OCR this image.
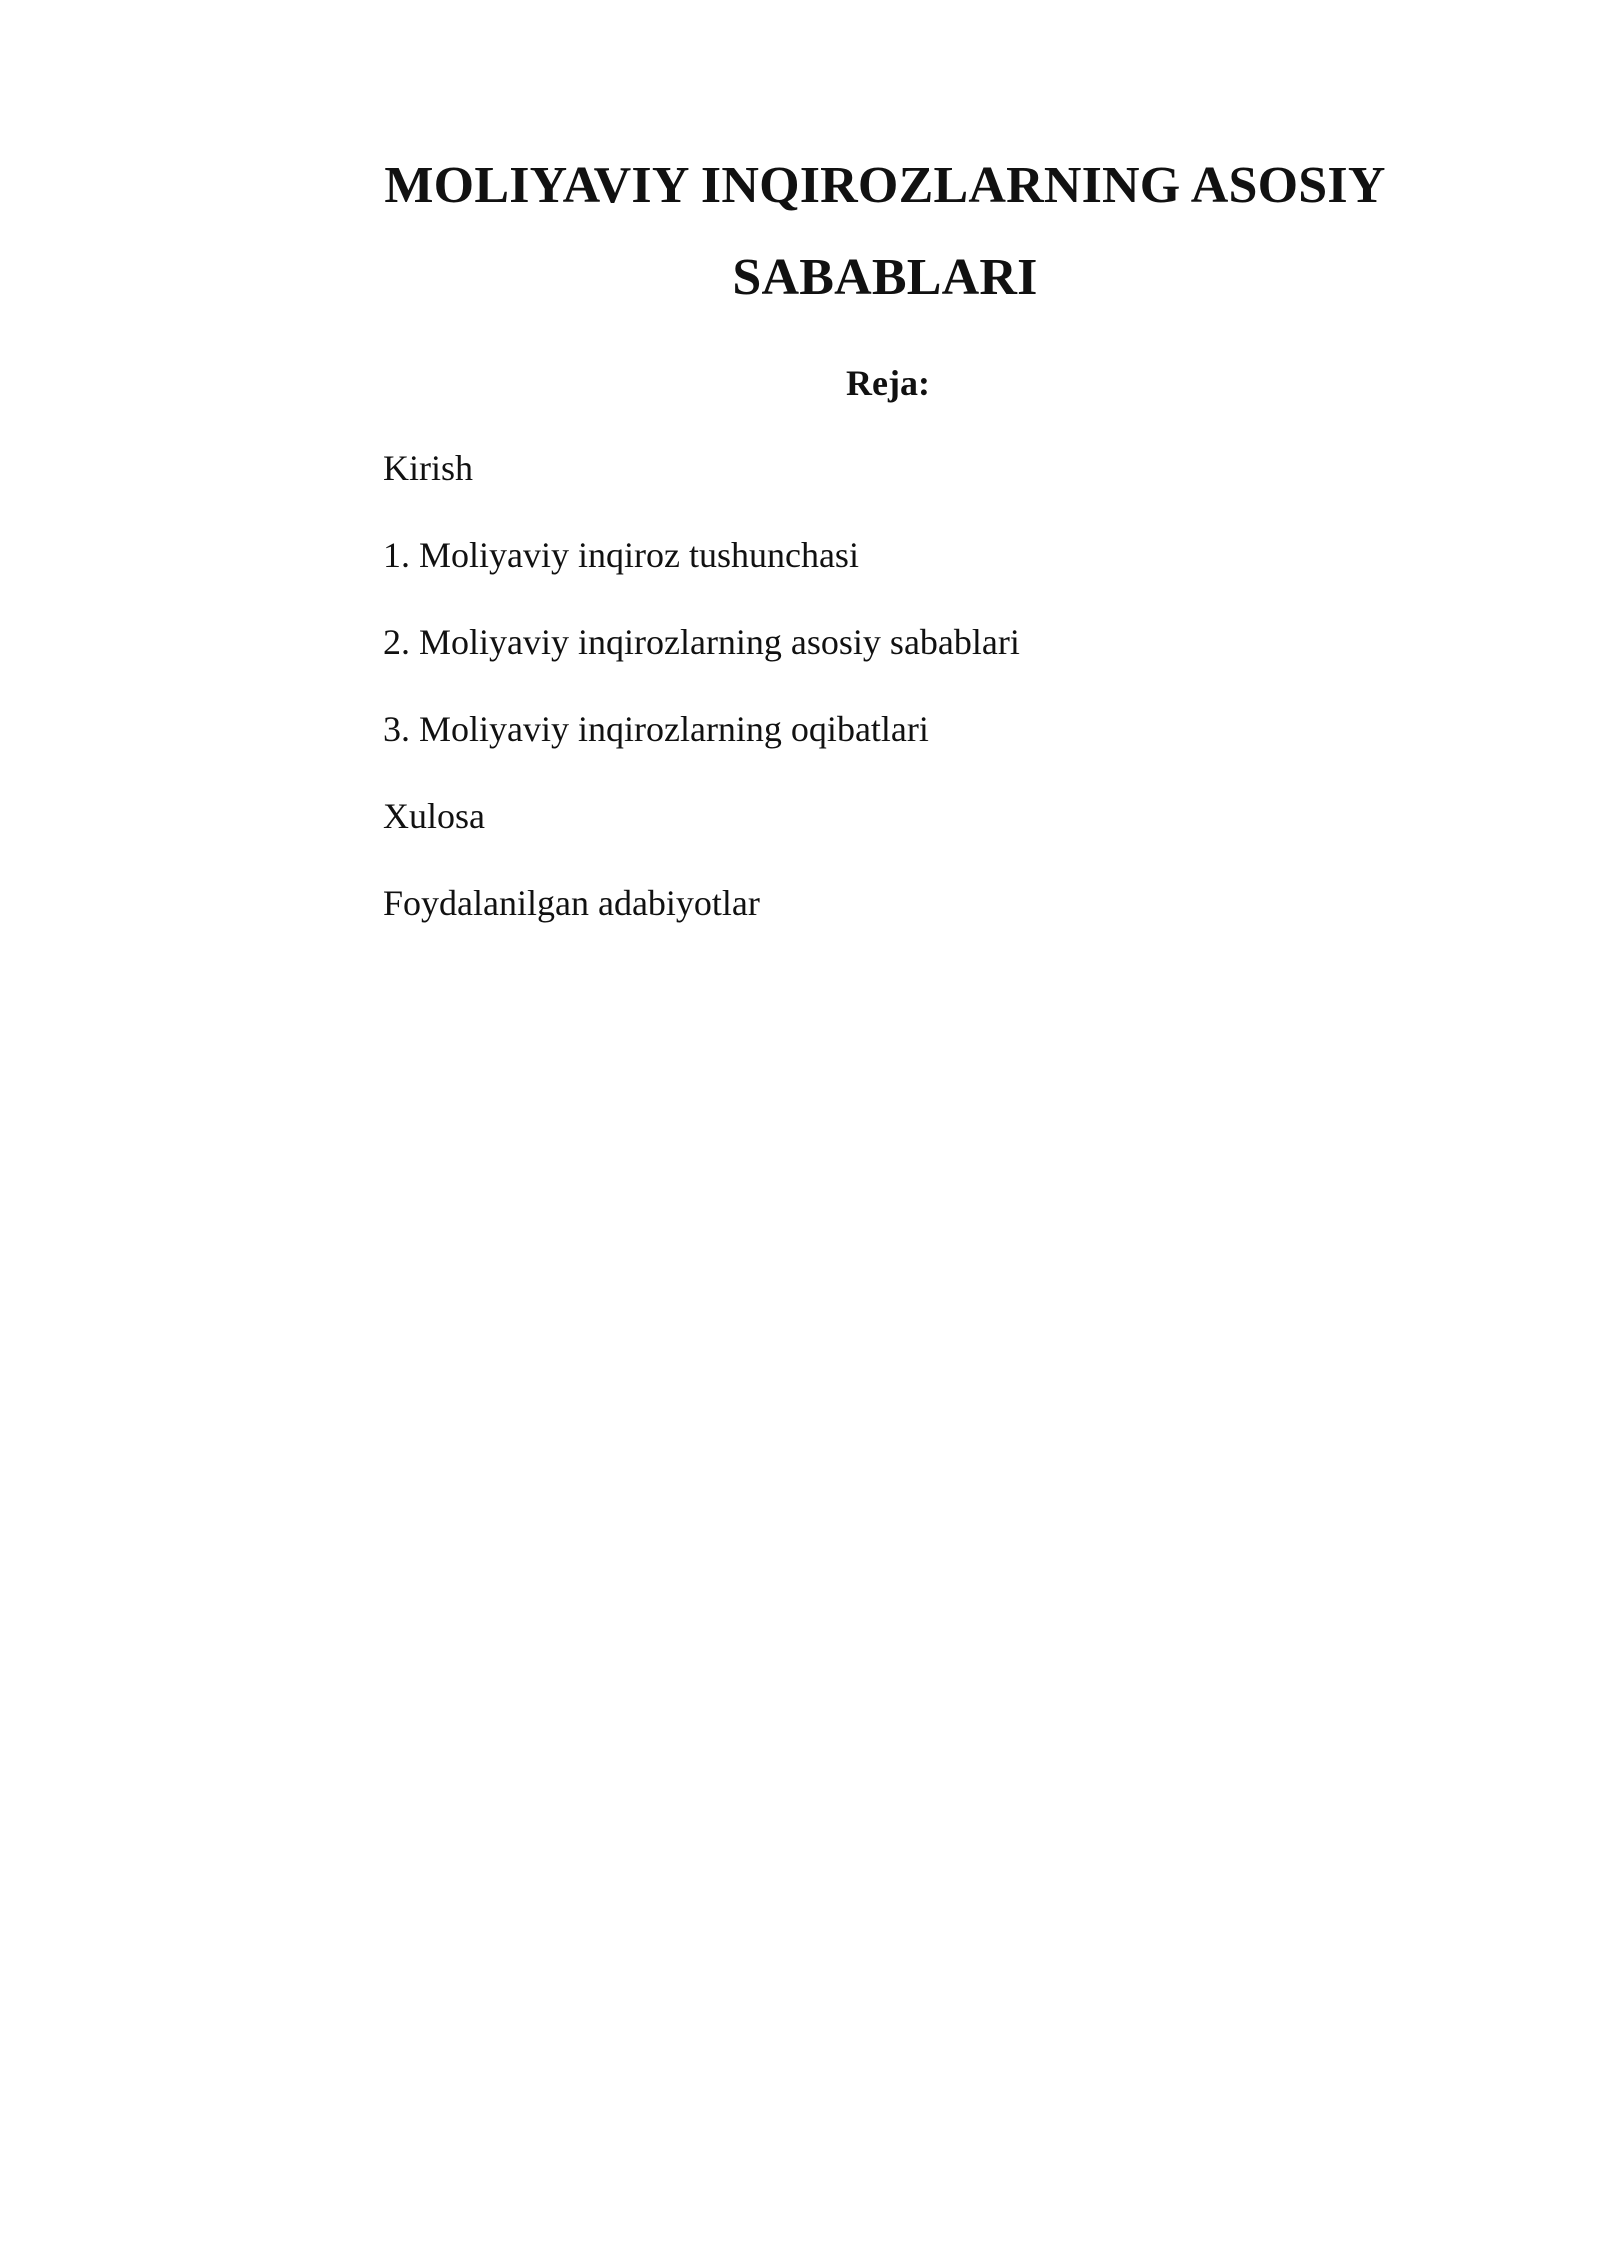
MOLIYAVIY INQIROZLARNING ASOSIY
SABABLARI
Reja:
Kirish
1. Moliyaviy inqiroz tushunchasi
2. Moliyaviy inqirozlarning asosiy sabablari
3. Moliyaviy inqirozlarning oqibatlari
Xulosa
Foydalanilgan adabiyotlar
